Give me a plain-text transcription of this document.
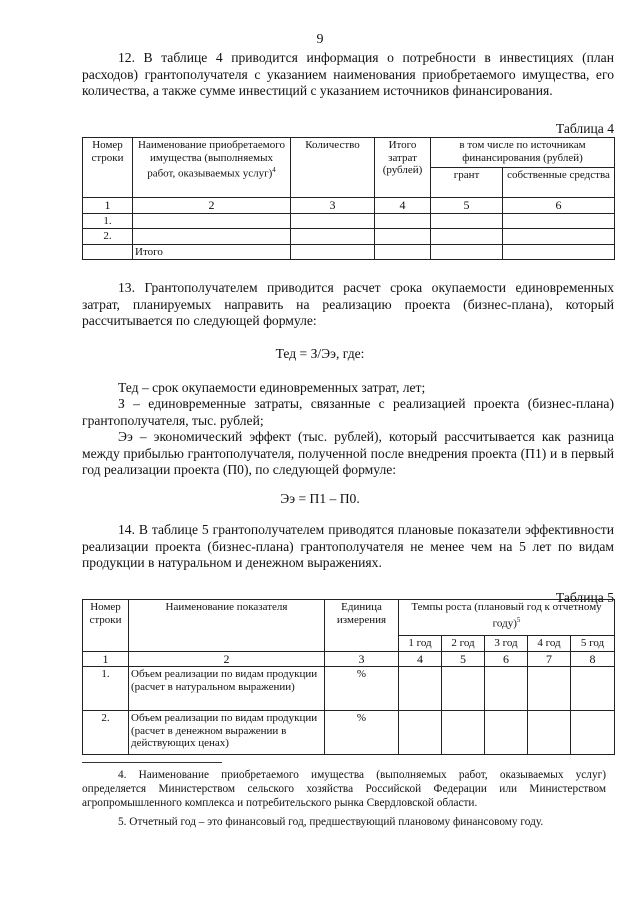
9

12. В таблице 4 приводится информация о потребности в инвестициях (план расходов) грантополучателя с указанием наименования приобретаемого имущества, его количества, а также сумме инвестиций с указанием источников финансирования.

Таблица 4
Номер строки	Наименование приобретаемого имущества (выполняемых работ, оказываемых услуг)$^4$	Количество	Итого затрат (рублей)	в том числе по источникам финансирования (рублей)	
				грант	собственные средства
1	2	3	4	5	6
1.					
2.					
	Итого				

13. Грантополучателем приводится расчет срока окупаемости единовременных затрат, планируемых направить на реализацию проекта (бизнес-плана), который рассчитывается по следующей формуле:

Тед = З/Ээ, где:

Тед – срок окупаемости единовременных затрат, лет;

З – единовременные затраты, связанные с реализацией проекта (бизнес-плана) грантополучателя, тыс. рублей;

Ээ – экономический эффект (тыс. рублей), который рассчитывается как разница между прибылью грантополучателя, полученной после внедрения проекта (П1) и в первый год реализации проекта (П0), по следующей формуле:

Ээ = П1 – П0.

14. В таблице 5 грантополучателем приводятся плановые показатели эффективности реализации проекта (бизнес-плана) грантополучателя не менее чем на 5 лет по видам продукции в натуральном и денежном выражениях.

Таблица 5
Номер строки	Наименование показателя	Единица измерения	Темпы роста (плановый год к отчетному году)$^5$
			1 год	2 год	3 год	4 год	5 год
1	2	3	4	5	6	7	8
1.	Объем реализации по видам продукции (расчет в натуральном выражении)	%					
2.	Объем реализации по видам продукции (расчет в денежном выражении в действующих ценах)	%					

4. Наименование приобретаемого имущества (выполняемых работ, оказываемых услуг) определяется Министерством сельского хозяйства Российской Федерации или Министерством агропромышленного комплекса и потребительского рынка Свердловской области.

5. Отчетный год – это финансовый год, предшествующий плановому финансовому году.
